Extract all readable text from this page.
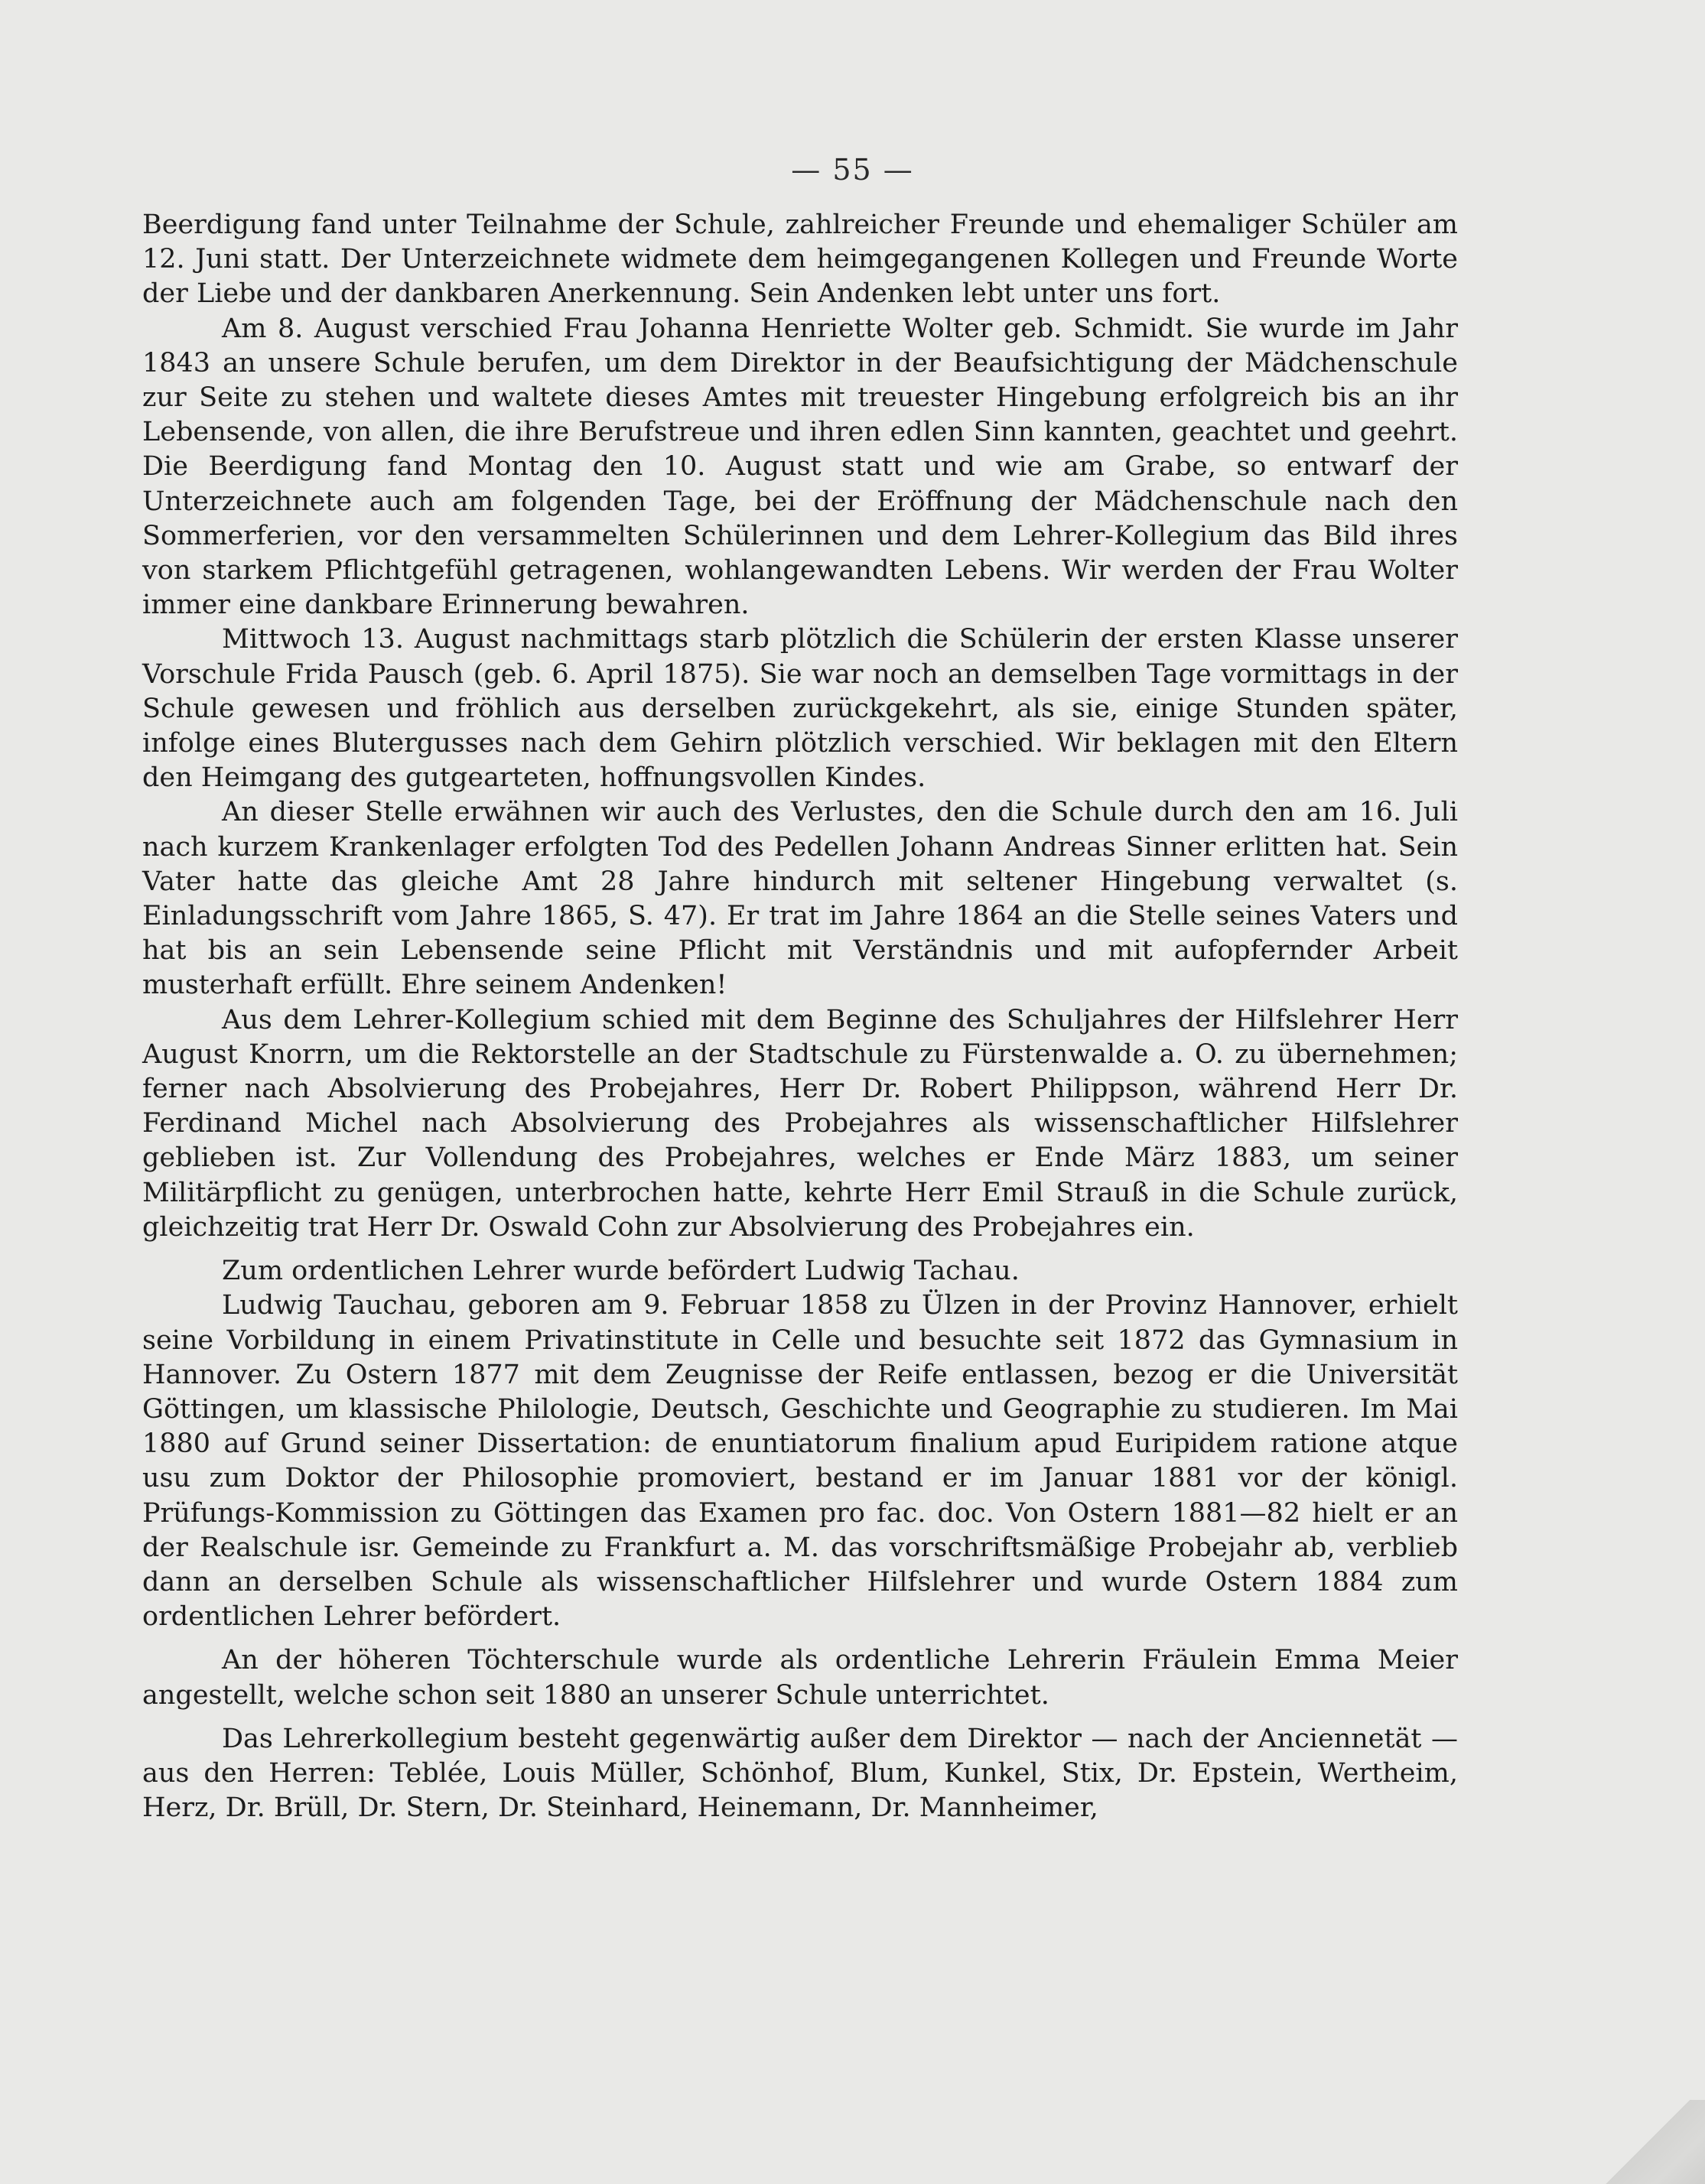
— 55 —

Beerdigung fand unter Teilnahme der Schule, zahlreicher Freunde und ehemaliger Schüler am 12. Juni statt. Der Unterzeichnete widmete dem heimgegangenen Kollegen und Freunde Worte der Liebe und der dankbaren Anerkennung. Sein Andenken lebt unter uns fort.

Am 8. August verschied Frau Johanna Henriette Wolter geb. Schmidt. Sie wurde im Jahr 1843 an unsere Schule berufen, um dem Direktor in der Beaufsichtigung der Mädchenschule zur Seite zu stehen und waltete dieses Amtes mit treuester Hingebung erfolgreich bis an ihr Lebensende, von allen, die ihre Berufstreue und ihren edlen Sinn kannten, geachtet und geehrt. Die Beerdigung fand Montag den 10. August statt und wie am Grabe, so entwarf der Unterzeichnete auch am folgenden Tage, bei der Eröffnung der Mädchenschule nach den Sommerferien, vor den versammelten Schülerinnen und dem Lehrer-Kollegium das Bild ihres von starkem Pflichtgefühl getragenen, wohlangewandten Lebens. Wir werden der Frau Wolter immer eine dankbare Erinnerung bewahren.

Mittwoch 13. August nachmittags starb plötzlich die Schülerin der ersten Klasse unserer Vorschule Frida Pausch (geb. 6. April 1875). Sie war noch an demselben Tage vormittags in der Schule gewesen und fröhlich aus derselben zurückgekehrt, als sie, einige Stunden später, infolge eines Blutergusses nach dem Gehirn plötzlich verschied. Wir beklagen mit den Eltern den Heimgang des gutgearteten, hoffnungsvollen Kindes.

An dieser Stelle erwähnen wir auch des Verlustes, den die Schule durch den am 16. Juli nach kurzem Krankenlager erfolgten Tod des Pedellen Johann Andreas Sinner erlitten hat. Sein Vater hatte das gleiche Amt 28 Jahre hindurch mit seltener Hingebung verwaltet (s. Einladungsschrift vom Jahre 1865, S. 47). Er trat im Jahre 1864 an die Stelle seines Vaters und hat bis an sein Lebensende seine Pflicht mit Verständnis und mit aufopfernder Arbeit musterhaft erfüllt. Ehre seinem Andenken!

Aus dem Lehrer-Kollegium schied mit dem Beginne des Schuljahres der Hilfslehrer Herr August Knorrn, um die Rektorstelle an der Stadtschule zu Fürstenwalde a. O. zu übernehmen; ferner nach Absolvierung des Probejahres, Herr Dr. Robert Philippson, während Herr Dr. Ferdinand Michel nach Absolvierung des Probejahres als wissenschaftlicher Hilfslehrer geblieben ist. Zur Vollendung des Probejahres, welches er Ende März 1883, um seiner Militärpflicht zu genügen, unterbrochen hatte, kehrte Herr Emil Strauß in die Schule zurück, gleichzeitig trat Herr Dr. Oswald Cohn zur Absolvierung des Probejahres ein.

Zum ordentlichen Lehrer wurde befördert Ludwig Tachau.

Ludwig Tauchau, geboren am 9. Februar 1858 zu Ülzen in der Provinz Hannover, erhielt seine Vorbildung in einem Privatinstitute in Celle und besuchte seit 1872 das Gymnasium in Hannover. Zu Ostern 1877 mit dem Zeugnisse der Reife entlassen, bezog er die Universität Göttingen, um klassische Philologie, Deutsch, Geschichte und Geographie zu studieren. Im Mai 1880 auf Grund seiner Dissertation: de enuntiatorum finalium apud Euripidem ratione atque usu zum Doktor der Philosophie promoviert, bestand er im Januar 1881 vor der königl. Prüfungs-Kommission zu Göttingen das Examen pro fac. doc. Von Ostern 1881—82 hielt er an der Realschule isr. Gemeinde zu Frankfurt a. M. das vorschriftsmäßige Probejahr ab, verblieb dann an derselben Schule als wissenschaftlicher Hilfslehrer und wurde Ostern 1884 zum ordentlichen Lehrer befördert.

An der höheren Töchterschule wurde als ordentliche Lehrerin Fräulein Emma Meier angestellt, welche schon seit 1880 an unserer Schule unterrichtet.

Das Lehrerkollegium besteht gegenwärtig außer dem Direktor — nach der Anciennetät — aus den Herren: Teblée, Louis Müller, Schönhof, Blum, Kunkel, Stix, Dr. Epstein, Wertheim, Herz, Dr. Brüll, Dr. Stern, Dr. Steinhard, Heinemann, Dr. Mannheimer,
